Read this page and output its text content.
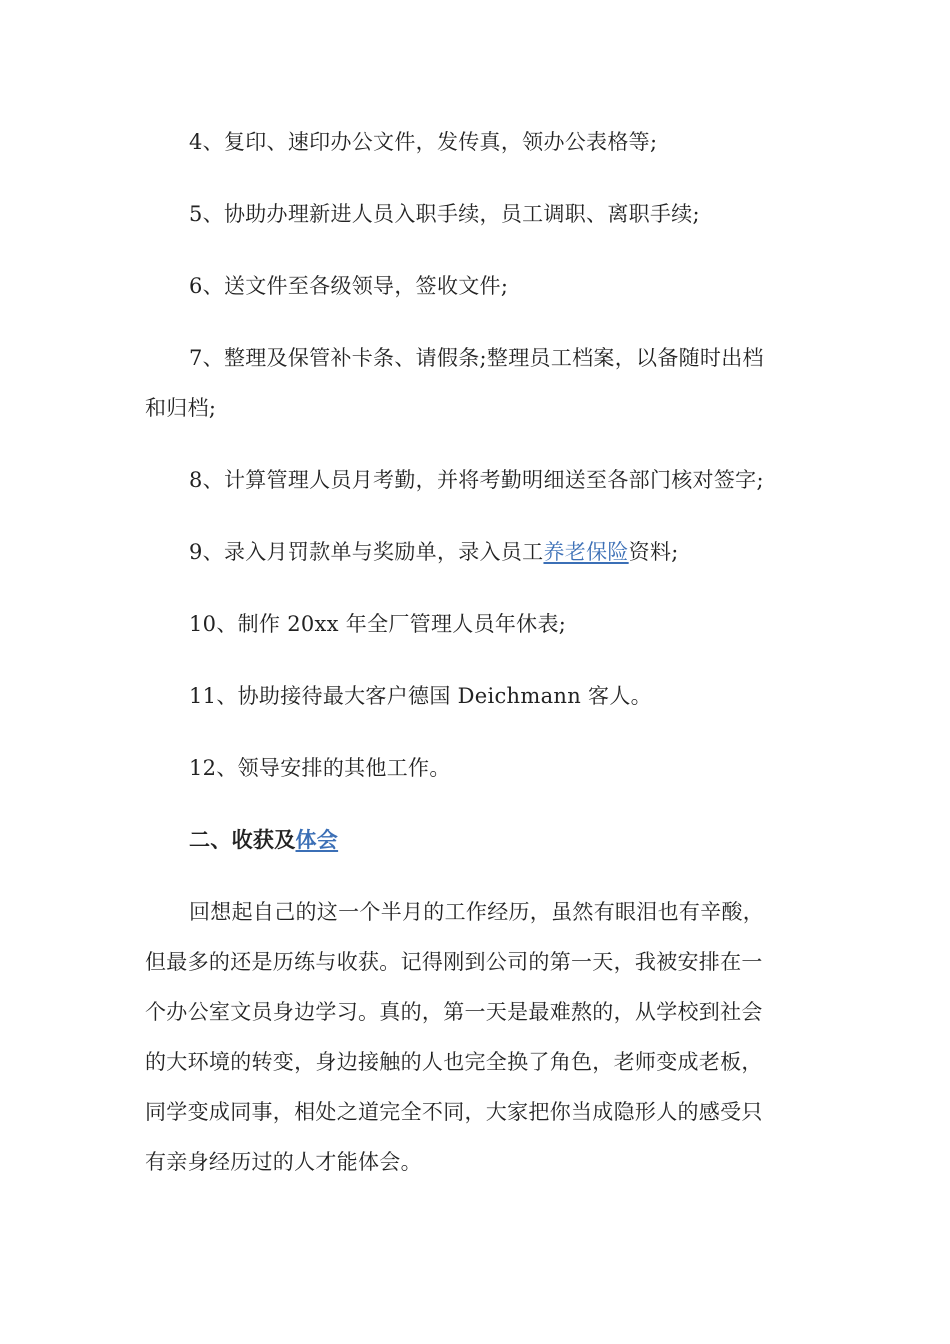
4、复印、速印办公文件，发传真，领办公表格等;
5、协助办理新进人员入职手续，员工调职、离职手续;
6、送文件至各级领导，签收文件;
7、整理及保管补卡条、请假条;整理员工档案，以备随时出档
和归档;
8、计算管理人员月考勤，并将考勤明细送至各部门核对签字;
9、录入月罚款单与奖励单，录入员工养老保险资料;
10、制作 20xx 年全厂管理人员年休表;
11、协助接待最大客户德国 Deichmann 客人。
12、领导安排的其他工作。
二、收获及体会
回想起自己的这一个半月的工作经历，虽然有眼泪也有辛酸，
但最多的还是历练与收获。记得刚到公司的第一天，我被安排在一
个办公室文员身边学习。真的，第一天是最难熬的，从学校到社会
的大环境的转变，身边接触的人也完全换了角色，老师变成老板，
同学变成同事，相处之道完全不同，大家把你当成隐形人的感受只
有亲身经历过的人才能体会。
